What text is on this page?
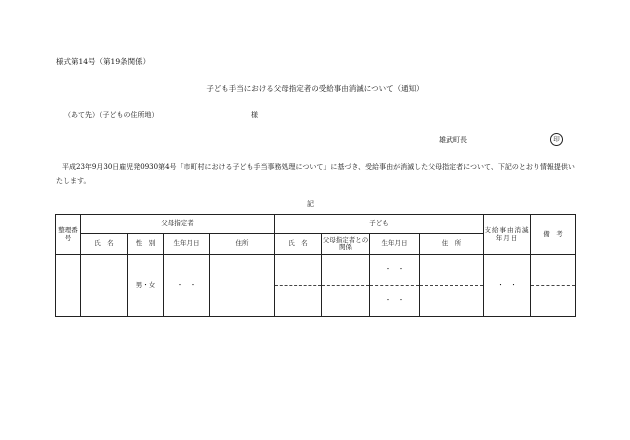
様式第14号（第19条関係）
子ども手当における父母指定者の受給事由消滅について（通知）
（あて先）（子どもの住所地）	様
雄武町長	印
平成23年9月30日雇児発0930第4号「市町村における子ども手当事務処理について」に基づき、受給事由が消滅した父母指定者について、下記のとおり情報提供いたします。
記
整理番号	父母指定者				子ども				支給事由消滅年月日	備　考
	氏　名	性　別	生年月日	住所	氏　名	父母指定者との関係	生年月日	住　所		
		男・女	・　・				・　・		・　・	
							・　・			
